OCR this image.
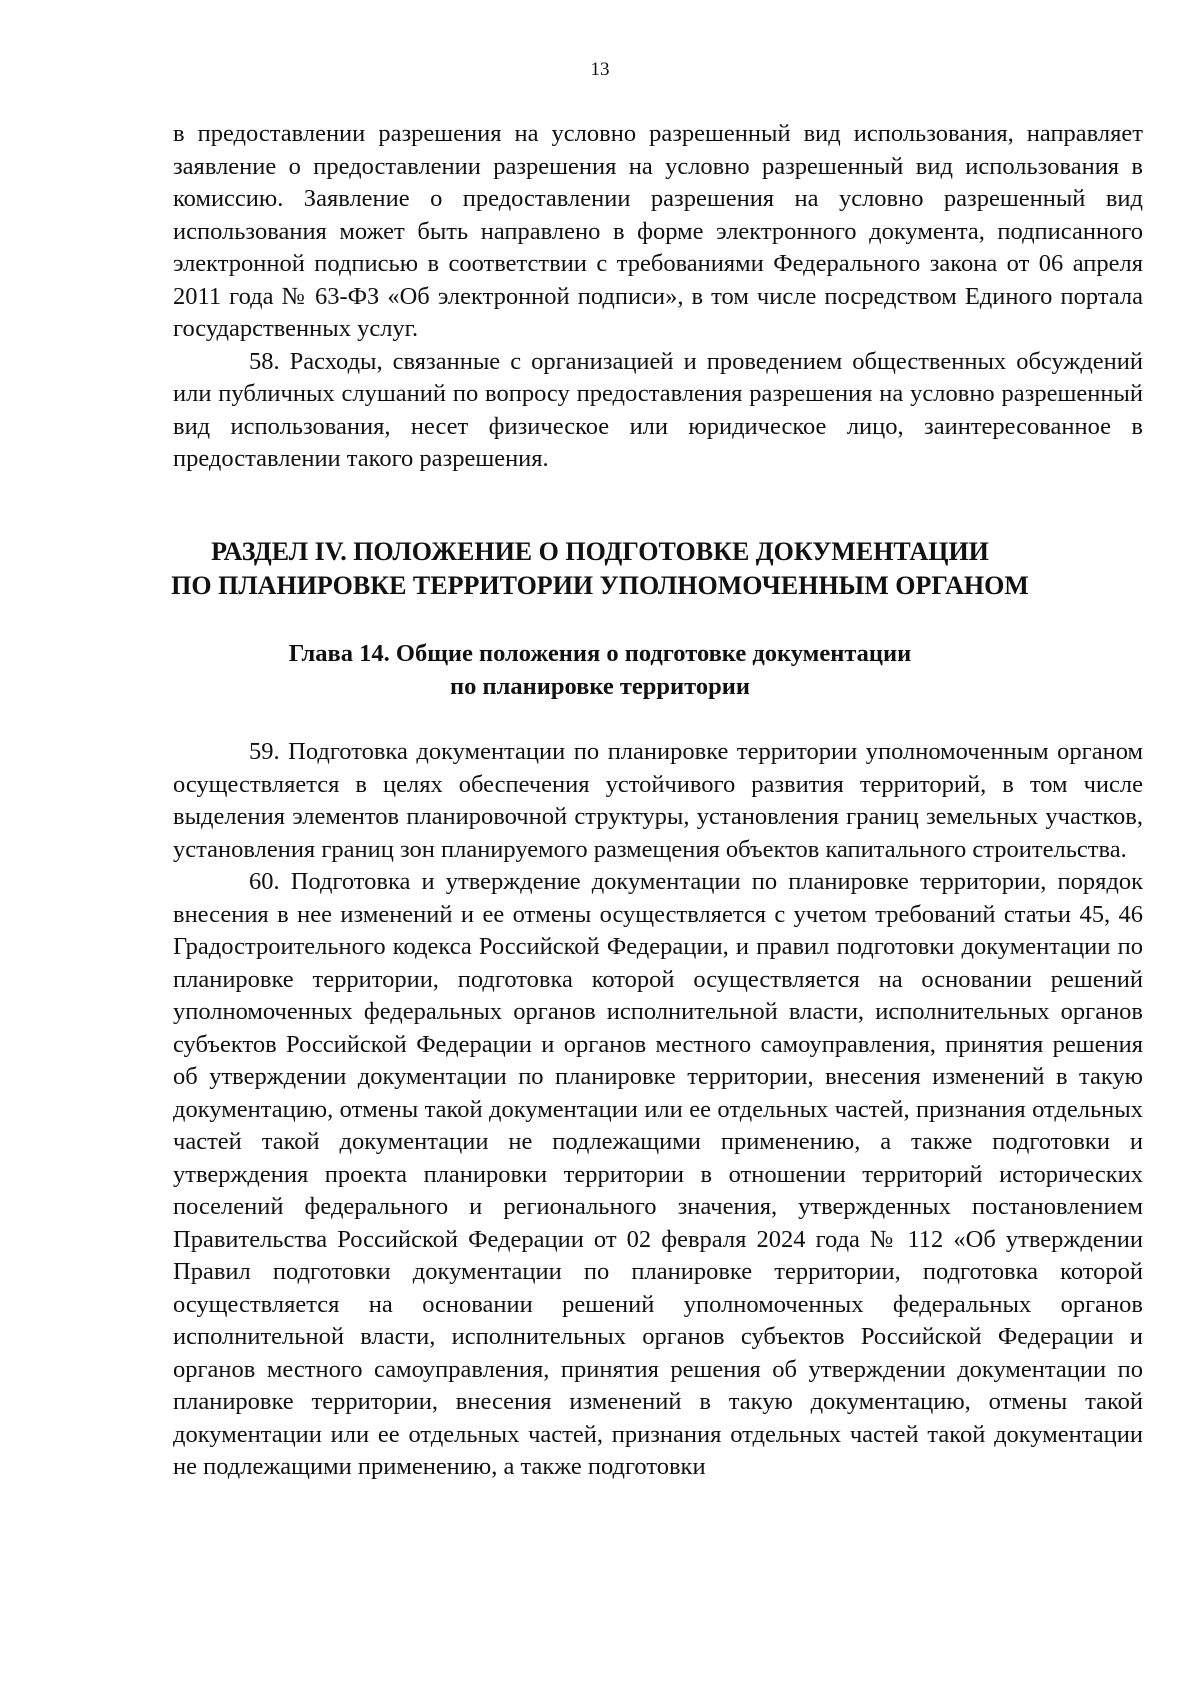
13

в предоставлении разрешения на условно разрешенный вид использования, направляет заявление о предоставлении разрешения на условно разрешенный вид использования в комиссию. Заявление о предоставлении разрешения на условно разрешенный вид использования может быть направлено в форме электронного документа, подписанного электронной подписью в соответствии с требованиями Федерального закона от 06 апреля 2011 года № 63-ФЗ «Об электронной подписи», в том числе посредством Единого портала государственных услуг.

58. Расходы, связанные с организацией и проведением общественных обсуждений или публичных слушаний по вопросу предоставления разрешения на условно разрешенный вид использования, несет физическое или юридическое лицо, заинтересованное в предоставлении такого разрешения.

РАЗДЕЛ IV. ПОЛОЖЕНИЕ О ПОДГОТОВКЕ ДОКУМЕНТАЦИИ
ПО ПЛАНИРОВКЕ ТЕРРИТОРИИ УПОЛНОМОЧЕННЫМ ОРГАНОМ
Глава 14. Общие положения о подготовке документации
по планировке территории

59. Подготовка документации по планировке территории уполномоченным органом осуществляется в целях обеспечения устойчивого развития территорий, в том числе выделения элементов планировочной структуры, установления границ земельных участков, установления границ зон планируемого размещения объектов капитального строительства.

60. Подготовка и утверждение документации по планировке территории, порядок внесения в нее изменений и ее отмены осуществляется с учетом требований статьи 45, 46 Градостроительного кодекса Российской Федерации, и правил подготовки документации по планировке территории, подготовка которой осуществляется на основании решений уполномоченных федеральных органов исполнительной власти, исполнительных органов субъектов Российской Федерации и органов местного самоуправления, принятия решения об утверждении документации по планировке территории, внесения изменений в такую документацию, отмены такой документации или ее отдельных частей, признания отдельных частей такой документации не подлежащими применению, а также подготовки и утверждения проекта планировки территории в отношении территорий исторических поселений федерального и регионального значения, утвержденных постановлением Правительства Российской Федерации от 02 февраля 2024 года № 112 «Об утверждении Правил подготовки документации по планировке территории, подготовка которой осуществляется на основании решений уполномоченных федеральных органов исполнительной власти, исполнительных органов субъектов Российской Федерации и органов местного самоуправления, принятия решения об утверждении документации по планировке территории, внесения изменений в такую документацию, отмены такой документации или ее отдельных частей, признания отдельных частей такой документации не подлежащими применению, а также подготовки
